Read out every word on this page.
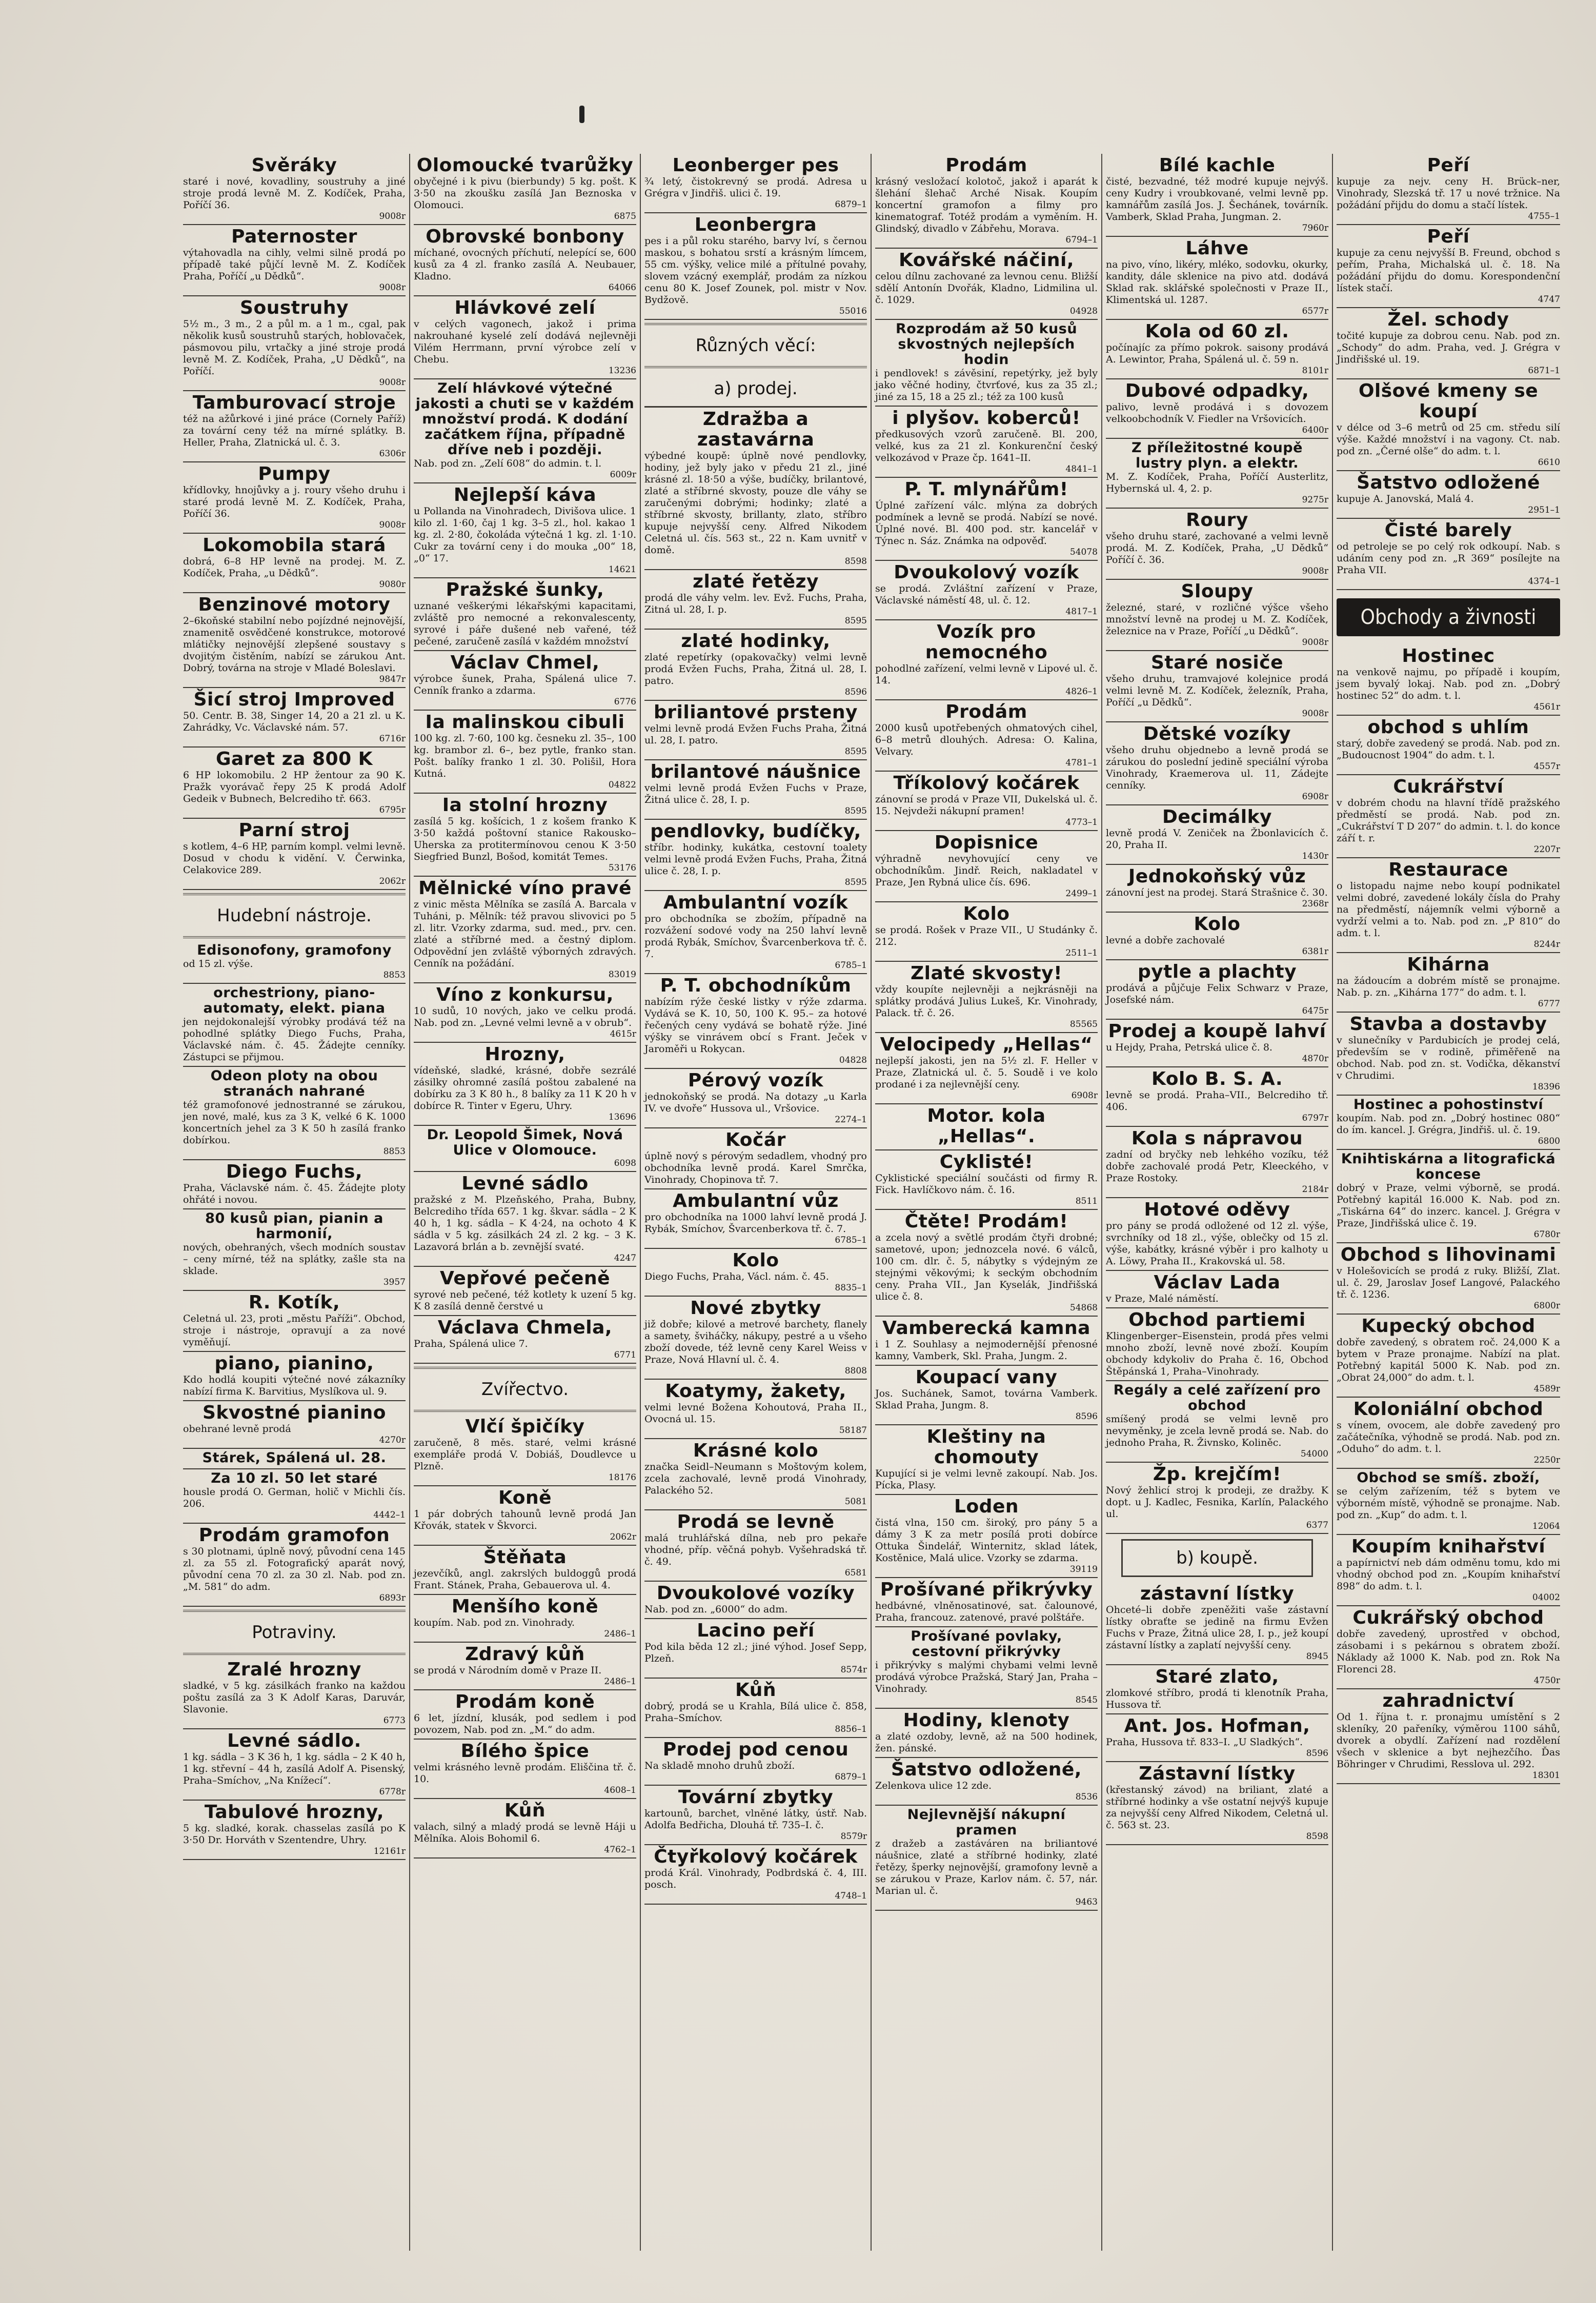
Svěráky
staré i nové, kovadliny, soustruhy a jiné stroje prodá levně M. Z. Kodíček, Praha, Poříčí 36.
9008r
Paternoster
výtahovadla na cihly, velmi silně prodá po případě také půjčí levně M. Z. Kodíček Praha, Poříčí „u Dědků“.
9008r
Soustruhy
5½ m., 3 m., 2 a půl m. a 1 m., cgal, pak několik kusů soustruhů starých, hoblovaček, pásmovou pilu, vrtačky a jiné stroje prodá levně M. Z. Kodíček, Praha, „U Dědků“, na Poříčí.
9008r
Tamburovací stroje
též na ažůrkové i jiné práce (Cornely Paříž) za tovární ceny též na mírné splátky. B. Heller, Praha, Zlatnická ul. č. 3.
6306r
Pumpy
křídlovky, hnojůvky a j. roury všeho druhu i staré prodá levně M. Z. Kodíček, Praha, Poříčí 36.
9008r
Lokomobila stará
dobrá, 6–8 HP levně na prodej. M. Z. Kodíček, Praha, „u Dědků“.
9080r
Benzinové motory
2–6koňské stabilní nebo pojízdné nejnovější, znamenitě osvědčené konstrukce, motorové mlátičky nejnovější zlepšené soustavy s dvojitým čistěním, nabízí se zárukou Ant. Dobrý, továrna na stroje v Mladé Boleslavi.
9847r
Šicí stroj Improved
50. Centr. B. 38, Singer 14, 20 a 21 zl. u K. Zahrádky, Vc. Václavské nám. 57.
6716r
Garet za 800 K
6 HP lokomobilu. 2 HP žentour za 90 K. Pražk vyorávač řepy 25 K prodá Adolf Gedeik v Bubnech, Belcrediho tř. 663.
6795r
Parní stroj
s kotlem, 4–6 HP, parním kompl. velmi levně. Dosud v chodu k vidění. V. Čerwinka, Celakovice 289.
2062r
Hudební nástroje.
Edisonofony, gramofony
od 15 zl. výše.
8853
orchestriony, piano-automaty, elekt. piana
jen nejdokonalejší výrobky prodává též na pohodlné splátky Diego Fuchs, Praha, Václavské nám. č. 45. Žádejte cenníky. Zástupci se přijmou.
Odeon ploty na obou stranách nahrané
též gramofonové jednostranné se zárukou, jen nové, malé, kus za 3 K, velké 6 K. 1000 koncertních jehel za 3 K 50 h zasílá franko dobírkou.
8853
Diego Fuchs,
Praha, Václavské nám. č. 45. Žádejte ploty ohřáté i novou.
80 kusů pian, pianin a harmonií,
nových, obehraných, všech modních soustav – ceny mírné, též na splátky, zašle sta na sklade.
3957
R. Kotík,
Celetná ul. 23, proti „městu Paříži“. Obchod, stroje i nástroje, opravují a za nové vyměňují.
piano, pianino,
Kdo hodlá koupiti výtečné nové zákazníky nabízí firma K. Barvitius, Myslíkova ul. 9.
Skvostné pianino
obehrané levně prodá
4270r
Stárek, Spálená ul. 28.
Za 10 zl. 50 let staré
housle prodá O. German, holič v Michli čís. 206.
4442–1
Prodám gramofon
s 30 plotnami, úplně nový, původní cena 145 zl. za 55 zl. Fotografický aparát nový, původní cena 70 zl. za 30 zl. Nab. pod zn. „M. 581“ do adm.
6893r
Potraviny.
Zralé hrozny
sladké, v 5 kg. zásilkách franko na každou poštu zasílá za 3 K Adolf Karas, Daruvár, Slavonie.
6773
Levné sádlo.
1 kg. sádla – 3 K 36 h, 1 kg. sádla – 2 K 40 h, 1 kg. střevní – 44 h, zasílá Adolf A. Pisenský, Praha–Smíchov, „Na Knížecí“.
6778r
Tabulové hrozny,
5 kg. sladké, korak. chasselas zasílá po K 3·50 Dr. Horváth v Szentendre, Uhry.
12161r
Olomoucké tvarůžky
obyčejné i k pivu (bierbundy) 5 kg. pošt. K 3·50 na zkoušku zasílá Jan Beznoska v Olomouci.
6875
Obrovské bonbony
míchané, ovocných příchutí, nelepící se, 600 kusů za 4 zl. franko zasílá A. Neubauer, Kladno.
64066
Hlávkové zelí
v celých vagonech, jakož i prima nakrouhané kyselé zelí dodává nejlevněji Vilém Herrmann, první výrobce zelí v Chebu.
13236
Zelí hlávkové výtečné jakosti a chuti se v každém množství prodá. K dodání začátkem října, případně dříve neb i později.
Nab. pod zn. „Zelí 608“ do admin. t. l.
6009r
Nejlepší káva
u Pollanda na Vinohradech, Divišova ulice. 1 kilo zl. 1·60, čaj 1 kg. 3–5 zl., hol. kakao 1 kg. zl. 2·80, čokoláda výtečná 1 kg. zl. 1·10. Cukr za tovární ceny i do mouka „00“ 18, „0“ 17.
14621
Pražské šunky,
uznané veškerými lékařskými kapacitami, zvláště pro nemocné a rekonvalescenty, syrové i páře dušené neb vařené, též pečené, zaručeně zasílá v každém množství
Václav Chmel,
výrobce šunek, Praha, Spálená ulice 7. Cenník franko a zdarma.
6776
Ia malinskou cibuli
100 kg. zl. 7·60, 100 kg. česneku zl. 35–, 100 kg. brambor zl. 6–, bez pytle, franko stan. Pošt. balíky franko 1 zl. 30. Polišil, Hora Kutná.
04822
Ia stolní hrozny
zasílá 5 kg. košícich, 1 z košem franko K 3·50 každá poštovní stanice Rakousko–Uherska za protitermínovou cenou K 3·50 Siegfried Bunzl, Bošod, komitát Temes.
53176
Mělnické víno pravé
z vinic města Mělníka se zasílá A. Barcala v Tuháni, p. Mělník: též pravou slivovici po 5 zl. litr. Vzorky zdarma, sud. med., prv. cen. zlaté a stříbrné med. a čestný diplom. Odpovědní jen zvláště výborných zdravých. Cenník na požádání.
83019
Víno z konkursu,
10 sudů, 10 nových, jako ve celku prodá. Nab. pod zn. „Levné velmi levně a v obrub“.
4615r
Hrozny,
vídeňské, sladké, krásné, dobře sezrálé zásilky ohromné zasílá poštou zabalené na dobírku za 3 K 80 h., 8 balíky za 11 K 20 h v dobírce R. Tinter v Egeru, Uhry.
13696
Dr. Leopold Šimek, Nová Ulice v Olomouce.
6098
Levné sádlo
pražské z M. Plzeňského, Praha, Bubny, Belcrediho třída 657. 1 kg. škvar. sádla – 2 K 40 h, 1 kg. sádla – K 4·24, na ochoto 4 K sádla v 5 kg. zásilkách 24 zl. 2 kg. – 3 K. Lazavorá brlán a b. zevnější svaté.
4247
Vepřové pečeně
syrové neb pečené, též kotlety k uzení 5 kg. K 8 zasílá denně čerstvé u
Václava Chmela,
Praha, Spálená ulice 7.
6771
Zvířectvo.
Vlčí špičíky
zaručeně, 8 měs. staré, velmi krásné exempláře prodá V. Dobiáš, Doudlevce u Plzně.
18176
Koně
1 pár dobrých tahounů levně prodá Jan Křovák, statek v Škvorci.
2062r
Štěňata
jezevčíků, angl. zakrslých buldoggů prodá Frant. Stánek, Praha, Gebauerova ul. 4.
Menšího koně
koupím. Nab. pod zn. Vinohrady.
2486–1
Zdravý kůň
se prodá v Národním domě v Praze II.
2486–1
Prodám koně
6 let, jízdní, klusák, pod sedlem i pod povozem, Nab. pod zn. „M.“ do adm.
Bílého špice
velmi krásného levně prodám. Eliščina tř. č. 10.
4608–1
Kůň
valach, silný a mladý prodá se levně Háji u Mělníka. Alois Bohomil 6.
4762–1
Leonberger pes
¾ letý, čistokrevný se prodá. Adresa u Grégra v Jindřiš. ulici č. 19.
6879–1
Leonbergra
pes i a půl roku starého, barvy lví, s černou maskou, s bohatou srstí a krásným límcem, 55 cm. výšky, velice milé a přítulné povahy, slovem vzácný exemplář, prodám za nízkou cenu 80 K. Josef Zounek, pol. mistr v Nov. Bydžově.
55016
Různých věcí:
a) prodej.
Zdražba a zastavárna
výbedné koupě: úplně nové pendlovky, hodiny, jež byly jako v předu 21 zl., jiné krásné zl. 18·50 a výše, budíčky, brilantové, zlaté a stříbrné skvosty, pouze dle váhy se zaručenými dobrými; hodinky; zlaté a stříbrné skvosty, brillanty, zlato, stříbro kupuje nejvyšší ceny. Alfred Nikodem Celetná ul. čís. 563 st., 22 n. Kam uvnitř v domě.
8598
zlaté řetězy
prodá dle váhy velm. lev. Evž. Fuchs, Praha, Zitná ul. 28, I. p.
8595
zlaté hodinky,
zlaté repetírky (opakovačky) velmi levně prodá Evžen Fuchs, Praha, Žitná ul. 28, I. patro.
8596
briliantové prsteny
velmi levně prodá Evžen Fuchs Praha, Žitná ul. 28, I. patro.
8595
brilantové náušnice
velmi levně prodá Evžen Fuchs v Praze, Žitná ulice č. 28, I. p.
8595
pendlovky, budíčky,
stříbr. hodinky, kukátka, cestovní toalety velmi levně prodá Evžen Fuchs, Praha, Žitná ulice č. 28, I. p.
8595
Ambulantní vozík
pro obchodníka se zbožím, případně na rozvážení sodové vody na 250 lahví levně prodá Rybák, Smíchov, Švarcenberkova tř. č. 7.
6785–1
P. T. obchodníkům
nabízím rýže české listky v rýže zdarma. Vydává se K. 10, 50, 100 K. 95.– za hotové řečených ceny vydává se bohatě rýže. Jiné výšky se vinrávem obcí s Frant. Ječek v Jaroměři u Rokycan.
04828
Pérový vozík
jednokoňský se prodá. Na dotazy „u Karla IV. ve dvoře“ Hussova ul., Vršovice.
2274–1
Kočár
úplně nový s pérovým sedadlem, vhodný pro obchodníka levně prodá. Karel Smrčka, Vinohrady, Chopinova tř. 7.
Ambulantní vůz
pro obchodníka na 1000 lahví levně prodá J. Rybák, Smíchov, Švarcenberkova tř. č. 7.
6785–1
Kolo
Diego Fuchs, Praha, Václ. nám. č. 45.
8835–1
Nové zbytky
již dobře; kilové a metrové barchety, flanely a samety, šviháčky, nákupy, pestré a u všeho zboží dovede, též levně ceny Karel Weiss v Praze, Nová Hlavní ul. č. 4.
8808
Koatymy, žakety,
velmi levné Božena Kohoutová, Praha II., Ovocná ul. 15.
58187
Krásné kolo
značka Seidl–Neumann s Moštovým kolem, zcela zachovalé, levně prodá Vinohrady, Palackého 52.
5081
Prodá se levně
malá truhlářská dílna, neb pro pekaře vhodné, příp. věčná pohyb. Vyšehradská tř. č. 49.
6581
Dvoukolové vozíky
Nab. pod zn. „6000“ do adm.
Lacino peří
Pod kila běda 12 zl.; jiné výhod. Josef Sepp, Plzeň.
8574r
Kůň
dobrý, prodá se u Krahla, Bílá ulice č. 858, Praha–Smíchov.
8856–1
Prodej pod cenou
Na skladě mnoho druhů zboží.
6879–1
Tovární zbytky
kartounů, barchet, vlněné látky, ústř. Nab. Adolfa Bedřicha, Dlouhá tř. 735–I. č.
8579r
Čtyřkolový kočárek
prodá Král. Vinohrady, Podbrdská č. 4, III. posch.
4748–1
Prodám
krásný vesložací kolotoč, jakož i aparát k šlehání šlehač Arché Nisak. Koupím koncertní gramofon a filmy pro kinematograf. Totéž prodám a vyměním. H. Glindský, divadlo v Zábřehu, Morava.
6794–1
Kovářské náčiní,
celou dílnu zachované za levnou cenu. Bližší sdělí Antonín Dvořák, Kladno, Lidmilina ul. č. 1029.
04928
Rozprodám až 50 kusů skvostných nejlepších hodin
i pendlovek! s závěsiní, repetýrky, jež byly jako věčné hodiny, čtvrťové, kus za 35 zl.; jiné za 15, 18 a 25 zl.; též za 100 kusů
i plyšov. koberců!
předkusových vzorů zaručeně. Bl. 200, velké, kus za 21 zl. Konkurenční český velkozávod v Praze čp. 1641–II.
4841–1
P. T. mlynářům!
Úplné zařízení válc. mlýna za dobrých podmínek a levně se prodá. Nabízí se nové. Úplné nové. Bl. 400 pod. str. kancelář v Týnec n. Sáz. Známka na odpověď.
54078
Dvoukolový vozík
se prodá. Zvláštní zařízení v Praze, Václavské náměstí 48, ul. č. 12.
4817–1
Vozík pro nemocného
pohodlné zařízení, velmi levně v Lipové ul. č. 14.
4826–1
Prodám
2000 kusů upotřebených ohmatových cihel, 6–8 metrů dlouhých. Adresa: O. Kalina, Velvary.
4781–1
Tříkolový kočárek
zánovní se prodá v Praze VII, Dukelská ul. č. 15. Nejvdeži nákupní pramen!
4773–1
Dopisnice
výhradně nevyhovující ceny ve obchodníkům. Jindř. Reich, nakladatel v Praze, Jen Rybná ulice čís. 696.
2499–1
Kolo
se prodá. Rošek v Praze VII., U Studánky č. 212.
2511–1
Zlaté skvosty!
vždy koupíte nejlevněji a nejkrásněji na splátky prodává Julius Lukeš, Kr. Vinohrady, Palack. tř. č. 26.
85565
Velocipedy „Hellas“
nejlepší jakosti, jen na 5½ zl. F. Heller v Praze, Zlatnická ul. č. 5. Soudě i ve kolo prodané i za nejlevnější ceny.
6908r
Motor. kola „Hellas“.
Cyklisté!
Cyklistické speciální součásti od firmy R. Fick. Havlíčkovo nám. č. 16.
8511
Čtěte! Prodám!
a zcela nový a světlé prodám čtyři drobné; sametové, upon; jednozcela nové. 6 válců, 100 cm. dlr. č. 5, nábytky s výdejným ze stejnými věkovými; k seckým obchodním ceny. Praha VII., Jan Kyselák, Jindřišská ulice č. 8.
54868
Vamberecká kamna
i 1 Z. Souhlasy a nejmodernější přenosné kamny, Vamberk, Skl. Praha, Jungm. 2.
Koupací vany
Jos. Suchánek, Samot, továrna Vamberk. Sklad Praha, Jungm. 8.
8596
Kleštiny na chomouty
Kupující si je velmi levně zakoupí. Nab. Jos. Pícka, Plasy.
Loden
čistá vlna, 150 cm. široký, pro pány 5 a dámy 3 K za metr posílá proti dobírce Ottuka Šindelář, Winternitz, sklad látek, Kostěnice, Malá ulice. Vzorky se zdarma.
39119
Prošívané přikrývky
hedbávné, vlněnosatinové, sat. čalounové, Praha, francouz. zatenové, pravé polštáře.
Prošívané povlaky, cestovní přikrývky
i přikrývky s malými chybami velmi levně prodává výrobce Pražská, Starý Jan, Praha – Vinohrady.
8545
Hodiny, klenoty
a zlaté ozdoby, levně, až na 500 hodinek, žen. pánské.
Šatstvo odložené,
Zelenkova ulice 12 zde.
8536
Nejlevnější nákupní pramen
z dražeb a zastáváren na briliantové náušnice, zlaté a stříbrné hodinky, zlaté řetězy, šperky nejnovější, gramofony levně a se zárukou v Praze, Karlov nám. č. 57, nár. Marian ul. č.
9463
Bílé kachle
čisté, bezvadné, též modré kupuje nejvýš. ceny Kudry i vroubkované, velmi levně pp. kamnářům zasílá Jos. J. Šechánek, továrník. Vamberk, Sklad Praha, Jungman. 2.
7960r
Láhve
na pivo, víno, likéry, mléko, sodovku, okurky, kandity, dále sklenice na pivo atd. dodává Sklad rak. sklářské společnosti v Praze II., Klimentská ul. 1287.
6577r
Kola od 60 zl.
počínajíc za přímo pokrok. saisony prodává A. Lewintor, Praha, Spálená ul. č. 59 n.
8101r
Dubové odpadky,
palivo, levně prodává i s dovozem velkoobchodník V. Fiedler na Vršovicích.
6400r
Z příležitostné koupě lustry plyn. a elektr.
M. Z. Kodíček, Praha, Poříčí Austerlitz, Hybernská ul. 4, 2. p.
9275r
Roury
všeho druhu staré, zachované a velmi levně prodá. M. Z. Kodíček, Praha, „U Dědků“ Poříčí č. 36.
9008r
Sloupy
železné, staré, v rozličné výšce všeho množství levně na prodej u M. Z. Kodíček, železnice na v Praze, Poříčí „u Dědků“.
9008r
Staré nosiče
všeho druhu, tramvajové kolejnice prodá velmi levně M. Z. Kodíček, železník, Praha, Poříčí „u Dědků“.
9008r
Dětské vozíky
všeho druhu objednebo a levně prodá se zárukou do poslední jedině speciální výroba Vinohrady, Kraemerova ul. 11, Zádejte cenníky.
6908r
Decimálky
levně prodá V. Zeniček na Žbonlavicích č. 20, Praha II.
1430r
Jednokoňský vůz
zánovní jest na prodej. Stará Strašnice č. 30.
2368r
Kolo
levné a dobře zachovalé
6381r
pytle a plachty
prodává a půjčuje Felix Schwarz v Praze, Josefské nám.
6475r
Prodej a koupě lahví
u Hejdy, Praha, Petrská ulice č. 8.
4870r
Kolo B. S. A.
levně se prodá. Praha–VII., Belcrediho tř. 406.
6797r
Kola s nápravou
zadní od bryčky neb lehkého vozíku, též dobře zachovalé prodá Petr, Kleeckého, v Praze Rostoky.
2184r
Hotové oděvy
pro pány se prodá odložené od 12 zl. výše, svrchníky od 18 zl., výše, oblečky od 15 zl. výše, kabátky, krásné výběr i pro kalhoty u A. Löwy, Praha II., Krakovská ul. 58.
Václav Lada
v Praze, Malé náměstí.
Obchod partiemi
Klingenberger–Eisenstein, prodá přes velmi mnoho zboží, levně nové zboží. Koupím obchody kdykoliv do Praha č. 16, Obchod Štěpánská 1, Praha–Vinohrady.
Regály a celé zařízení pro obchod
smíšený prodá se velmi levně pro nevyměnky, je zcela levně prodá se. Nab. do jednoho Praha, R. Živnsko, Koliněc.
54000
Žp. krejčím!
Nový žehlicí stroj k prodeji, ze dražby. K dopt. u J. Kadlec, Fesnika, Karlín, Palackého ul.
6377
b) koupě.
zástavní lístky
Ohceté–li dobře zpeněžiti vaše zástavní lístky obraťte se jedině na firmu Evžen Fuchs v Praze, Žitná ulice 28, I. p., jež koupí zástavní lístky a zaplatí nejvyšší ceny.
8945
Staré zlato,
zlomkové stříbro, prodá ti klenotník Praha, Hussova tř.
Ant. Jos. Hofman,
Praha, Hussova tř. 833–I. „U Sladkých“.
8596
Zástavní lístky
(křestanský závod) na briliant, zlaté a stříbrné hodinky a vše ostatní nejvýš kupuje za nejvyšší ceny Alfred Nikodem, Celetná ul. č. 563 st. 23.
8598
Peří
kupuje za nejv. ceny H. Brück–ner, Vinohrady, Slezská tř. 17 u nové tržnice. Na požádání přijdu do domu a stačí lístek.
4755–1
Peří
kupuje za cenu nejvyšší B. Freund, obchod s peřím, Praha, Michalská ul. č. 18. Na požádání přijdu do domu. Korespondenční lístek stačí.
4747
Žel. schody
točité kupuje za dobrou cenu. Nab. pod zn. „Schody“ do adm. Praha, ved. J. Grégra v Jindřišské ul. 19.
6871–1
Olšové kmeny se koupí
v délce od 3–6 metrů od 25 cm. středu silí výše. Každé množství i na vagony. Ct. nab. pod zn. „Černé olše“ do adm. t. l.
6610
Šatstvo odložené
kupuje A. Janovská, Malá 4.
2951–1
Čisté barely
od petroleje se po celý rok odkoupí. Nab. s udáním ceny pod zn. „R 369“ posílejte na Praha VII.
4374–1
Obchody a živnosti
Hostinec
na venkově najmu, po případě i koupím, jsem byvalý lokaj. Nab. pod zn. „Dobrý hostinec 52“ do adm. t. l.
4561r
obchod s uhlím
starý, dobře zavedený se prodá. Nab. pod zn. „Budoucnost 1904“ do adm. t. l.
4557r
Cukrářství
v dobrém chodu na hlavní třídě pražského předměstí se prodá. Nab. pod zn. „Cukrářství T D 207“ do admin. t. l. do konce září t. r.
2207r
Restaurace
o listopadu najme nebo koupí podnikatel velmi dobré, zavedené lokály čísla do Prahy na předměstí, nájemník velmi výborně a vydrží velmi a to. Nab. pod zn. „P 810“ do adm. t. l.
8244r
Kihárna
na žádoucím a dobrém místě se pronajme. Nab. p. zn. „Kihárna 177“ do adm. t. l.
6777
Stavba a dostavby
v slunečníky v Pardubicích je prodej celá, především se v rodině, přiměřeně na obchod. Nab. pod zn. st. Vodička, děkanství v Chrudimi.
18396
Hostinec a pohostinství
koupím. Nab. pod zn. „Dobrý hostinec 080“ do ím. kancel. J. Grégra, Jindřiš. ul. č. 19.
6800
Knihtiskárna a litografická koncese
dobrý v Praze, velmi výborně, se prodá. Potřebný kapitál 16.000 K. Nab. pod zn. „Tiskárna 64“ do inzerc. kancel. J. Grégra v Praze, Jindřišská ulice č. 19.
6780r
Obchod s lihovinami
v Holešovicích se prodá z ruky. Bližší, Zlat. ul. č. 29, Jaroslav Josef Langové, Palackého tř. č. 1236.
6800r
Kupecký obchod
dobře zavedený, s obratem roč. 24,000 K a bytem v Praze pronajme. Nabízí na plat. Potřebný kapitál 5000 K. Nab. pod zn. „Obrat 24,000“ do adm. t. l.
4589r
Koloniální obchod
s vínem, ovocem, ale dobře zavedený pro začátečníka, výhodně se prodá. Nab. pod zn. „Oduho“ do adm. t. l.
2250r
Obchod se smíš. zboží,
se celým zařízením, též s bytem ve výborném místě, výhodně se pronajme. Nab. pod zn. „Kup“ do adm. t. l.
12064
Koupím knihařství
a papírnictví neb dám odměnu tomu, kdo mi vhodný obchod pod zn. „Koupím knihařství 898“ do adm. t. l.
04002
Cukrářský obchod
dobře zavedený, uprostřed v obchod, zásobami i s pekárnou s obratem zboží. Náklady až 1000 K. Nab. pod zn. Rok Na Florenci 28.
4750r
zahradnictví
Od 1. října t. r. pronajmu umístění s 2 skleníky, 20 pařeníky, výměrou 1100 sáhů, dvorek a obydlí. Zařízení nad rozdělení všech v sklenice a byt nejhezčího. Ďas Böhringer v Chrudimi, Resslova ul. 292.
18301
